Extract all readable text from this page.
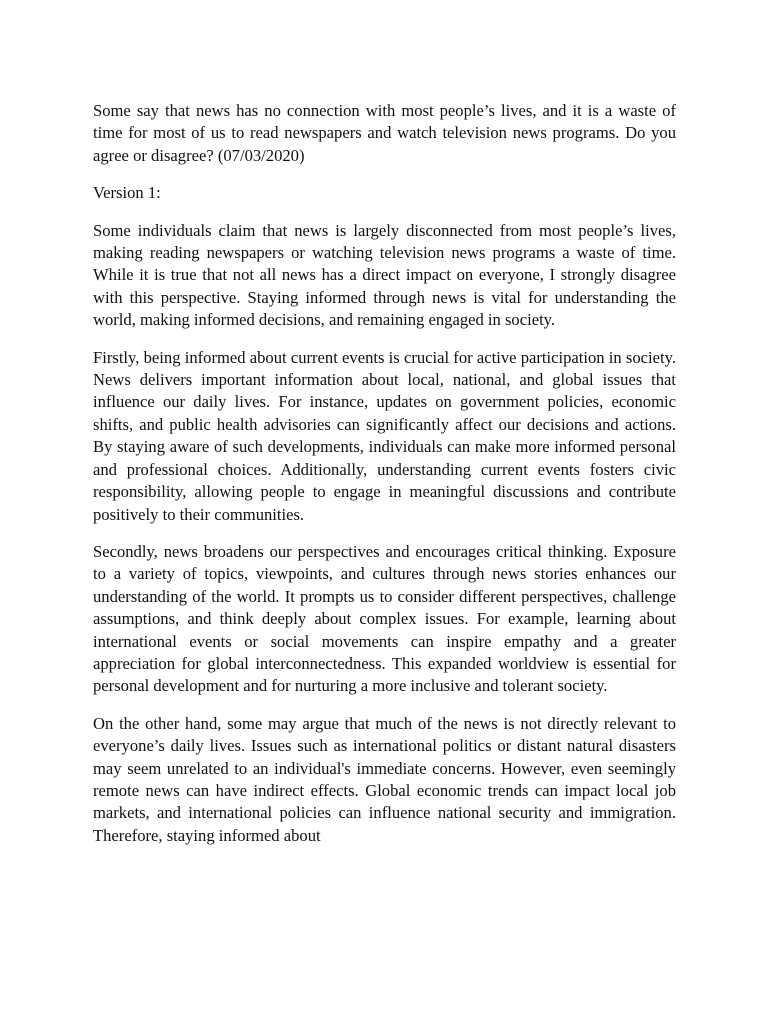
Some say that news has no connection with most people’s lives, and it is a waste of time for most of us to read newspapers and watch television news programs. Do you agree or disagree? (07/03/2020)

Version 1:

Some individuals claim that news is largely disconnected from most people’s lives, making reading newspapers or watching television news programs a waste of time. While it is true that not all news has a direct impact on everyone, I strongly disagree with this perspective. Staying informed through news is vital for understanding the world, making informed decisions, and remaining engaged in society.

Firstly, being informed about current events is crucial for active participation in society. News delivers important information about local, national, and global issues that influence our daily lives. For instance, updates on government policies, economic shifts, and public health advisories can significantly affect our decisions and actions. By staying aware of such developments, individuals can make more informed personal and professional choices. Additionally, understanding current events fosters civic responsibility, allowing people to engage in meaningful discussions and contribute positively to their communities.

Secondly, news broadens our perspectives and encourages critical thinking. Exposure to a variety of topics, viewpoints, and cultures through news stories enhances our understanding of the world. It prompts us to consider different perspectives, challenge assumptions, and think deeply about complex issues. For example, learning about international events or social movements can inspire empathy and a greater appreciation for global interconnectedness. This expanded worldview is essential for personal development and for nurturing a more inclusive and tolerant society.

On the other hand, some may argue that much of the news is not directly relevant to everyone’s daily lives. Issues such as international politics or distant natural disasters may seem unrelated to an individual's immediate concerns. However, even seemingly remote news can have indirect effects. Global economic trends can impact local job markets, and international policies can influence national security and immigration. Therefore, staying informed about
